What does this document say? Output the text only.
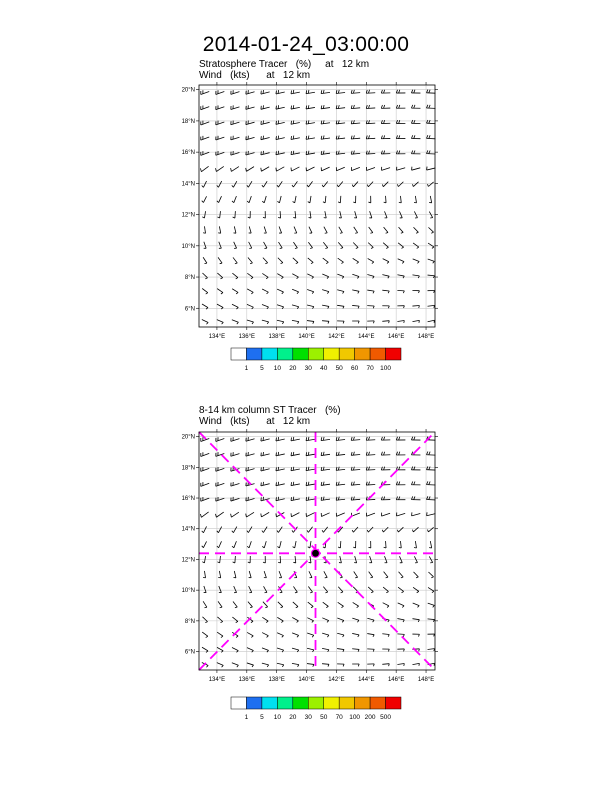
2014-01-24_03:00:00
Stratosphere Tracer   (%)     at   12 km
Wind   (kts)      at   12 km
134°E 136°E 138°E 140°E 142°E 144°E 146°E 148°E
6°N
8°N
10°N
12°N
14°N
16°N
18°N
20°N
1 5 10 20 30 40 50 60 70 100
8-14 km column ST Tracer   (%)
Wind   (kts)      at   12 km
134°E 136°E 138°E 140°E 142°E 144°E 146°E 148°E
6°N
8°N
10°N
12°N
14°N
16°N
18°N
20°N
1 5 10 20 30 50 70 100 200 500
